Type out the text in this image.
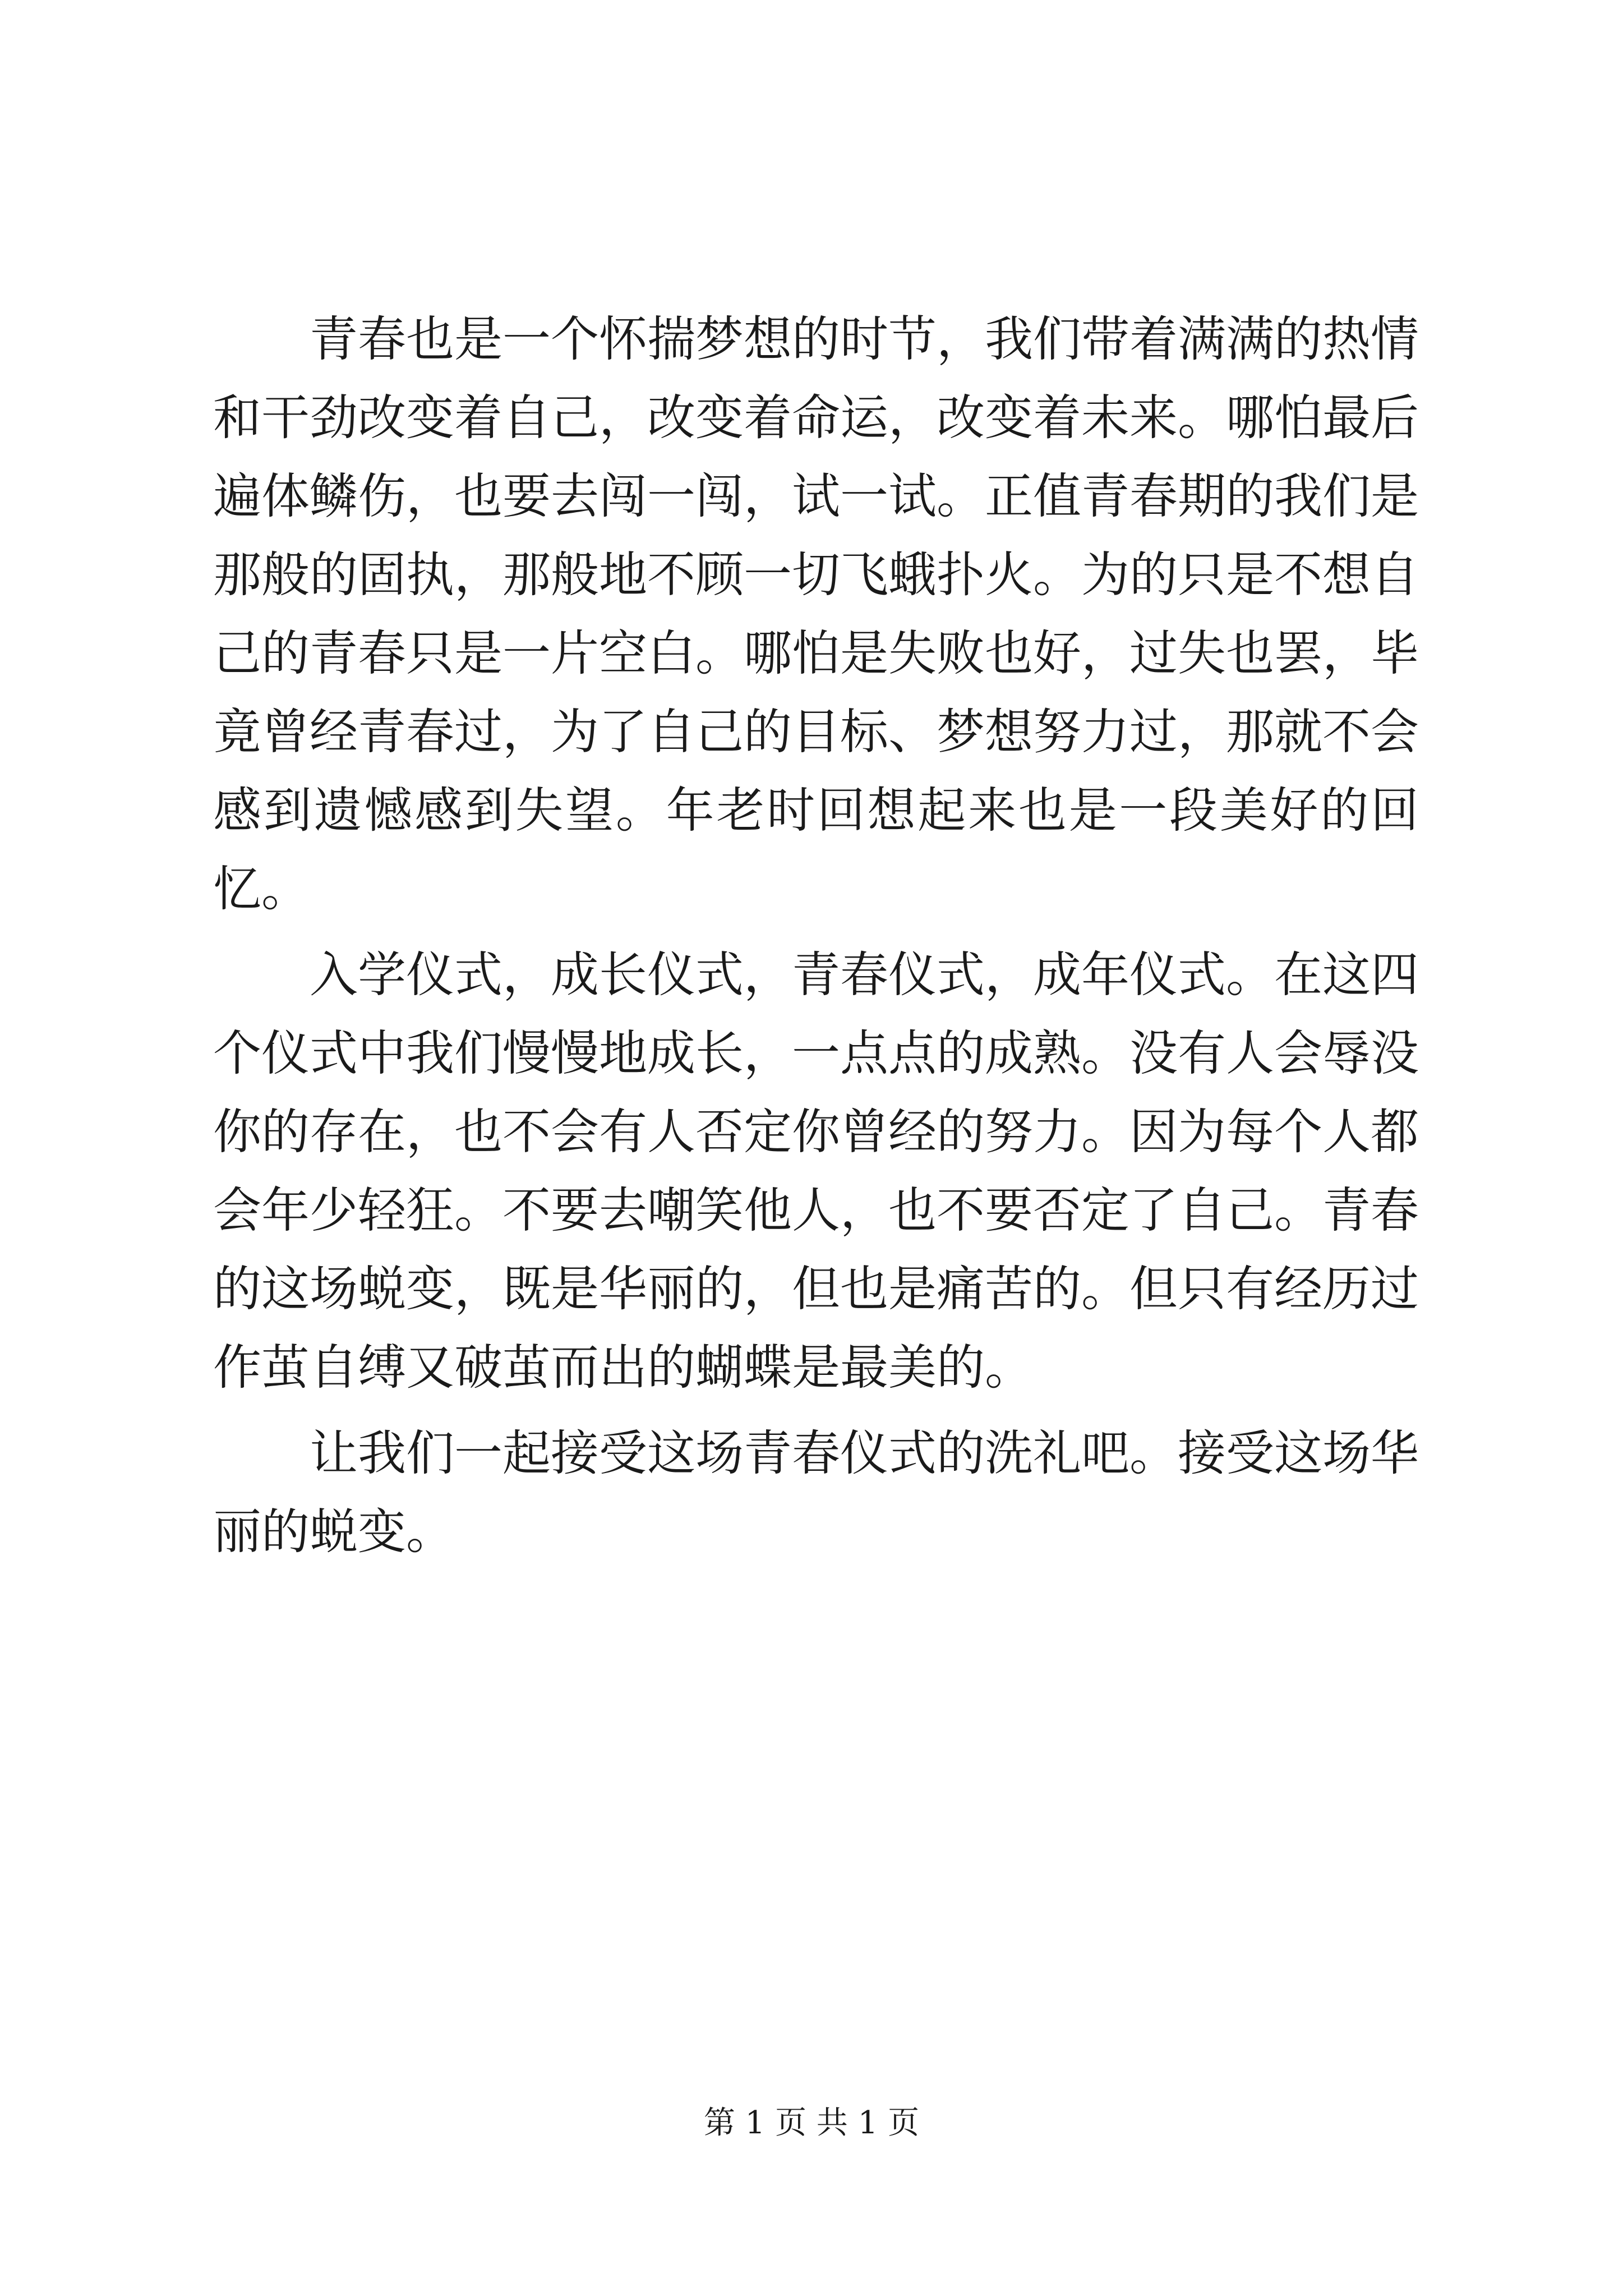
青春也是一个怀揣梦想的时节，我们带着满满的热情和干劲改变着自己，改变着命运，改变着未来。哪怕最后遍体鳞伤，也要去闯一闯，试一试。正值青春期的我们是那般的固执，那般地不顾一切飞蛾扑火。为的只是不想自己的青春只是一片空白。哪怕是失败也好，过失也罢，毕竟曾经青春过，为了自己的目标、梦想努力过，那就不会感到遗憾感到失望。年老时回想起来也是一段美好的回忆。

入学仪式，成长仪式，青春仪式，成年仪式。在这四个仪式中我们慢慢地成长，一点点的成熟。没有人会辱没你的存在，也不会有人否定你曾经的努力。因为每个人都会年少轻狂。不要去嘲笑他人，也不要否定了自己。青春的这场蜕变，既是华丽的，但也是痛苦的。但只有经历过作茧自缚又破茧而出的蝴蝶是最美的。

让我们一起接受这场青春仪式的洗礼吧。接受这场华丽的蜕变。

第 1 页 共 1 页
